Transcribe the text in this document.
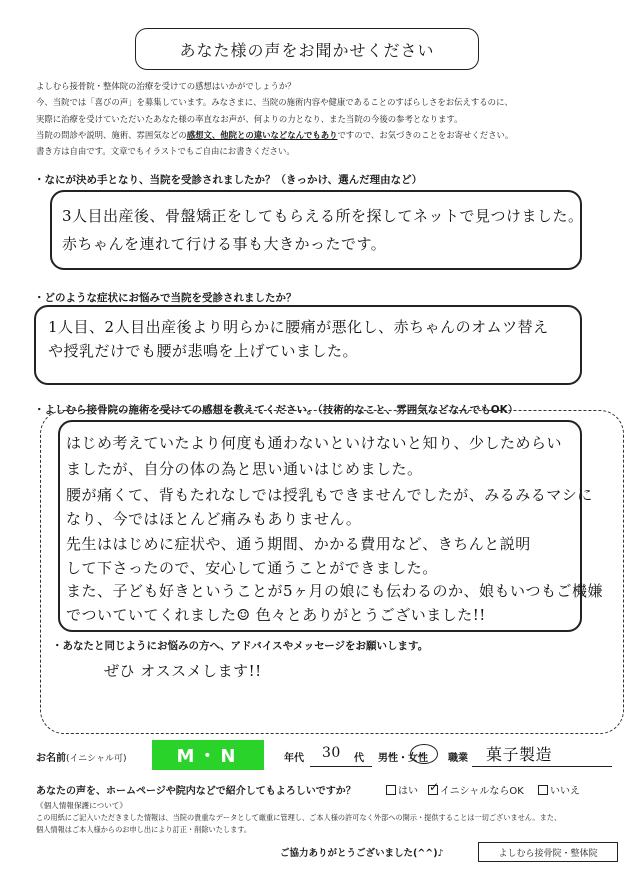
あなた様の声をお聞かせください
よしむら接骨院・整体院の治療を受けての感想はいかがでしょうか？
今、当院では「喜びの声」を募集しています。みなさまに、当院の施術内容や健康であることのすばらしさをお伝えするのに、
実際に治療を受けていただいたあなた様の率直なお声が、何よりの力となり、また当院の今後の参考となります。
当院の問診や説明、施術、雰囲気などの感想文、他院との違いなどなんでもありですので、お気づきのことをお寄せください。
書き方は自由です。文章でもイラストでもご自由にお書きください。
・なにが決め手となり、当院を受診されましたか？（きっかけ、選んだ理由など）
3人目出産後、骨盤矯正をしてもらえる所を探してネットで見つけました。
赤ちゃんを連れて行ける事も大きかったです。
・どのような症状にお悩みで当院を受診されましたか？
1人目、2人目出産後より明らかに腰痛が悪化し、赤ちゃんのオムツ替え
や授乳だけでも腰が悲鳴を上げていました。
・よしむら接骨院の施術を受けての感想を教えてください。（技術的なこと、雰囲気などなんでもOK）
はじめ考えていたより何度も通わないといけないと知り、少しためらい
ましたが、自分の体の為と思い通いはじめました。
腰が痛くて、背もたれなしでは授乳もできませんでしたが、みるみるマシに
なり、今ではほとんど痛みもありません。
先生ははじめに症状や、通う期間、かかる費用など、きちんと説明
して下さったので、安心して通うことができました。
また、子ども好きということが5ヶ月の娘にも伝わるのか、娘もいつもご機嫌
でついていてくれました☺ 色々とありがとうございました!!
・あなたと同じようにお悩みの方へ、アドバイスやメッセージをお願いします。
ぜひ オススメします!!
お名前(イニシャル可)	M・N	年代 30 代 男性・女性 職業 菓子製造
あなたの声を、ホームページや院内などで紹介してもよろしいですか？	はい ✓	イニシャルならOK	いいえ
《個人情報保護について》
この用紙にご記入いただきました情報は、当院の貴重なデータとして厳重に管理し、ご本人様の許可なく外部への開示・提供することは一切ございません。また、
個人情報はご本人様からのお申し出により訂正・削除いたします。
ご協力ありがとうございました(^^)♪	よしむら接骨院・整体院
